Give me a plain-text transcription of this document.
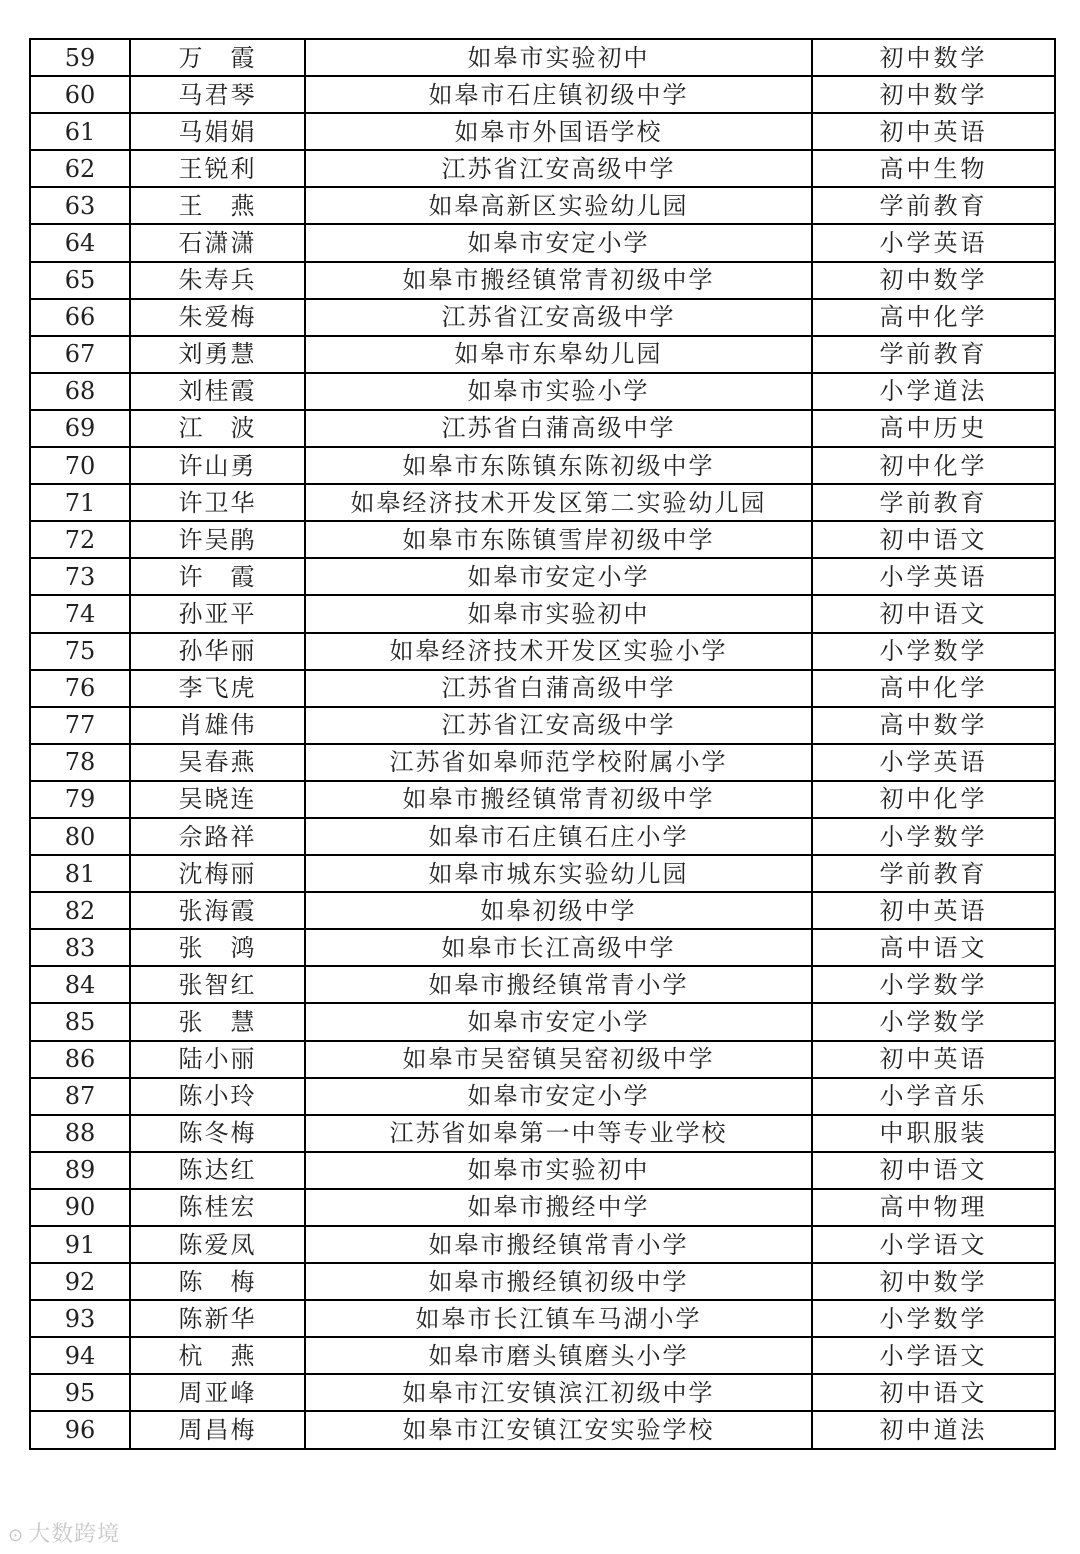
59	万　霞	如皋市实验初中	初中数学
60	马君琴	如皋市石庄镇初级中学	初中数学
61	马娟娟	如皋市外国语学校	初中英语
62	王锐利	江苏省江安高级中学	高中生物
63	王　燕	如皋高新区实验幼儿园	学前教育
64	石潇潇	如皋市安定小学	小学英语
65	朱寿兵	如皋市搬经镇常青初级中学	初中数学
66	朱爱梅	江苏省江安高级中学	高中化学
67	刘勇慧	如皋市东皋幼儿园	学前教育
68	刘桂霞	如皋市实验小学	小学道法
69	江　波	江苏省白蒲高级中学	高中历史
70	许山勇	如皋市东陈镇东陈初级中学	初中化学
71	许卫华	如皋经济技术开发区第二实验幼儿园	学前教育
72	许吴鹃	如皋市东陈镇雪岸初级中学	初中语文
73	许　霞	如皋市安定小学	小学英语
74	孙亚平	如皋市实验初中	初中语文
75	孙华丽	如皋经济技术开发区实验小学	小学数学
76	李飞虎	江苏省白蒲高级中学	高中化学
77	肖雄伟	江苏省江安高级中学	高中数学
78	吴春燕	江苏省如皋师范学校附属小学	小学英语
79	吴晓连	如皋市搬经镇常青初级中学	初中化学
80	佘路祥	如皋市石庄镇石庄小学	小学数学
81	沈梅丽	如皋市城东实验幼儿园	学前教育
82	张海霞	如皋初级中学	初中英语
83	张　鸿	如皋市长江高级中学	高中语文
84	张智红	如皋市搬经镇常青小学	小学数学
85	张　慧	如皋市安定小学	小学数学
86	陆小丽	如皋市吴窑镇吴窑初级中学	初中英语
87	陈小玲	如皋市安定小学	小学音乐
88	陈冬梅	江苏省如皋第一中等专业学校	中职服装
89	陈达红	如皋市实验初中	初中语文
90	陈桂宏	如皋市搬经中学	高中物理
91	陈爱凤	如皋市搬经镇常青小学	小学语文
92	陈　梅	如皋市搬经镇初级中学	初中数学
93	陈新华	如皋市长江镇车马湖小学	小学数学
94	杭　燕	如皋市磨头镇磨头小学	小学语文
95	周亚峰	如皋市江安镇滨江初级中学	初中语文
96	周昌梅	如皋市江安镇江安实验学校	初中道法
⊙ 大数跨境
